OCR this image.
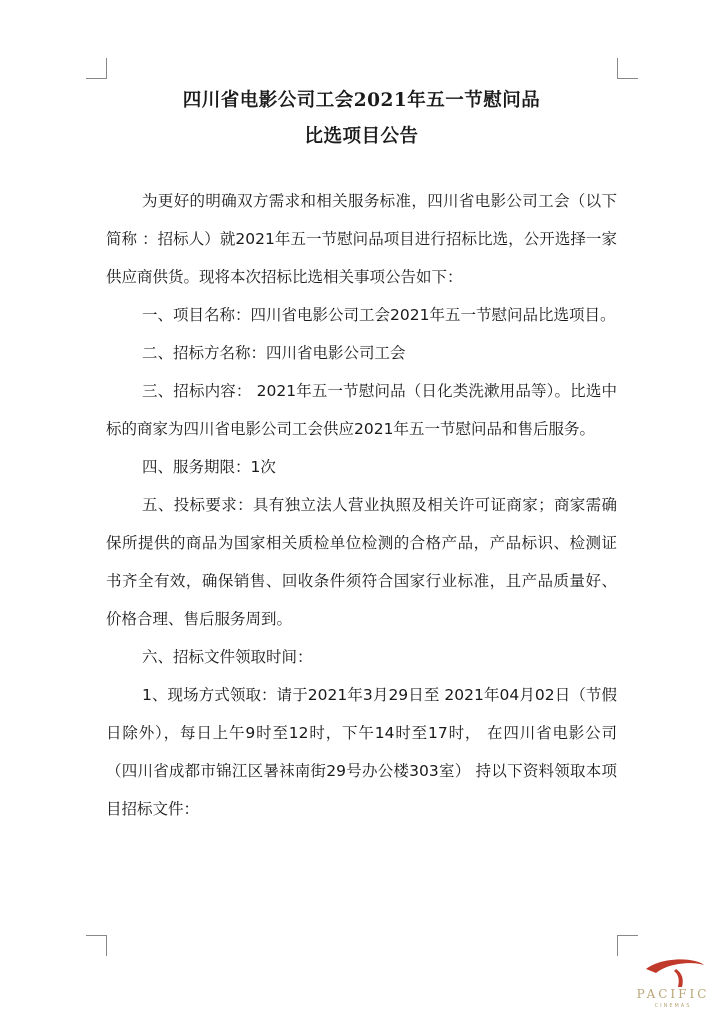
四川省电影公司工会2021年五一节慰问品
比选项目公告

为更好的明确双方需求和相关服务标准，四川省电影公司工会（以下简称 ：招标人）就2021年五一节慰问品项目进行招标比选，公开选择一家供应商供货。现将本次招标比选相关事项公告如下：

一、项目名称：四川省电影公司工会2021年五一节慰问品比选项目。

二、招标方名称：四川省电影公司工会

三、招标内容： 2021年五一节慰问品（日化类洗漱用品等）。比选中标的商家为四川省电影公司工会供应2021年五一节慰问品和售后服务。

四、服务期限：1次

五、投标要求：具有独立法人营业执照及相关许可证商家；商家需确保所提供的商品为国家相关质检单位检测的合格产品，产品标识、检测证书齐全有效，确保销售、回收条件须符合国家行业标准，且产品质量好、价格合理、售后服务周到。

六、招标文件领取时间：

1、现场方式领取：请于2021年3月29日至 2021年04月02日（节假日除外），每日上午9时至12时，下午14时至17时， 在四川省电影公司（四川省成都市锦江区暑袜南街29号办公楼303室） 持以下资料领取本项目招标文件：

PACIFIC
CINEMAS
